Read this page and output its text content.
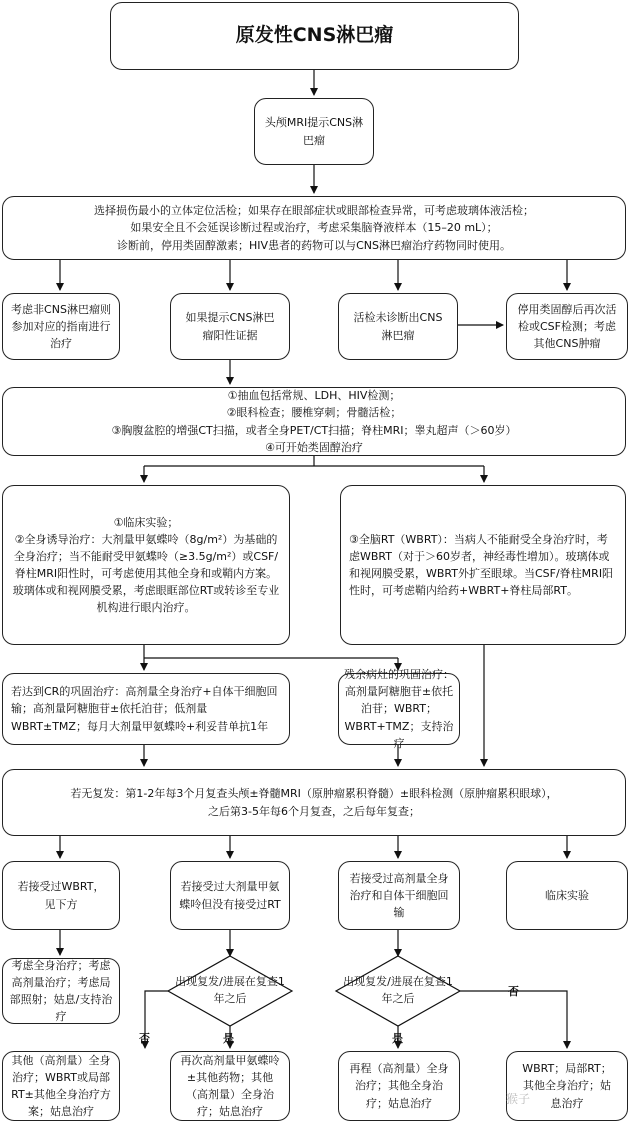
原发性CNS淋巴瘤
头颅MRI提示CNS淋巴瘤
选择损伤最小的立体定位活检；如果存在眼部症状或眼部检查异常，可考虑玻璃体液活检；
如果安全且不会延误诊断过程或治疗，考虑采集脑脊液样本（15–20 mL）；
诊断前，停用类固醇激素；HIV患者的药物可以与CNS淋巴瘤治疗药物同时使用。
考虑非CNS淋巴瘤则参加对应的指南进行治疗
如果提示CNS淋巴瘤阳性证据
活检未诊断出CNS淋巴瘤
停用类固醇后再次活检或CSF检测；考虑其他CNS肿瘤
①抽血包括常规、LDH、HIV检测；
②眼科检查；腰椎穿刺；骨髓活检；
③胸腹盆腔的增强CT扫描，或者全身PET/CT扫描；脊柱MRI；睾丸超声（＞60岁）
④可开始类固醇治疗
①临床实验；
②全身诱导治疗：大剂量甲氨蝶呤（8g/m²）为基础的全身治疗；当不能耐受甲氨蝶呤（≥3.5g/m²）或CSF/脊柱MRI阳性时，可考虑使用其他全身和或鞘内方案。玻璃体或和视网膜受累，考虑眼眶部位RT或转诊至专业机构进行眼内治疗。
③全脑RT（WBRT）：当病人不能耐受全身治疗时，考虑WBRT（对于＞60岁者，神经毒性增加）。玻璃体或和视网膜受累，WBRT外扩至眼球。当CSF/脊柱MRI阳性时，可考虑鞘内给药+WBRT+脊柱局部RT。
若达到CR的巩固治疗：高剂量全身治疗+自体干细胞回输；高剂量阿糖胞苷±依托泊苷；低剂量WBRT±TMZ；每月大剂量甲氨蝶呤+利妥昔单抗1年
残余病灶的巩固治疗：高剂量阿糖胞苷±依托泊苷；WBRT；WBRT+TMZ；支持治疗
若无复发：第1-2年每3个月复查头颅±脊髓MRI（原肿瘤累积脊髓）±眼科检测（原肿瘤累积眼球），
之后第3-5年每6个月复查，之后每年复查；
若接受过WBRT，见下方
若接受过大剂量甲氨蝶呤但没有接受过RT
若接受过高剂量全身治疗和自体干细胞回输
临床实验
考虑全身治疗；考虑高剂量治疗；考虑局部照射；姑息/支持治疗
出现复发/进展在复查1年之后
出现复发/进展在复查1年之后
否	是	是
否
其他（高剂量）全身治疗；WBRT或局部RT±其他全身治疗方案；姑息治疗
再次高剂量甲氨蝶呤±其他药物；其他（高剂量）全身治疗；姑息治疗
再程（高剂量）全身治疗；其他全身治疗；姑息治疗
WBRT；局部RT；其他全身治疗；姑息治疗
猴子
